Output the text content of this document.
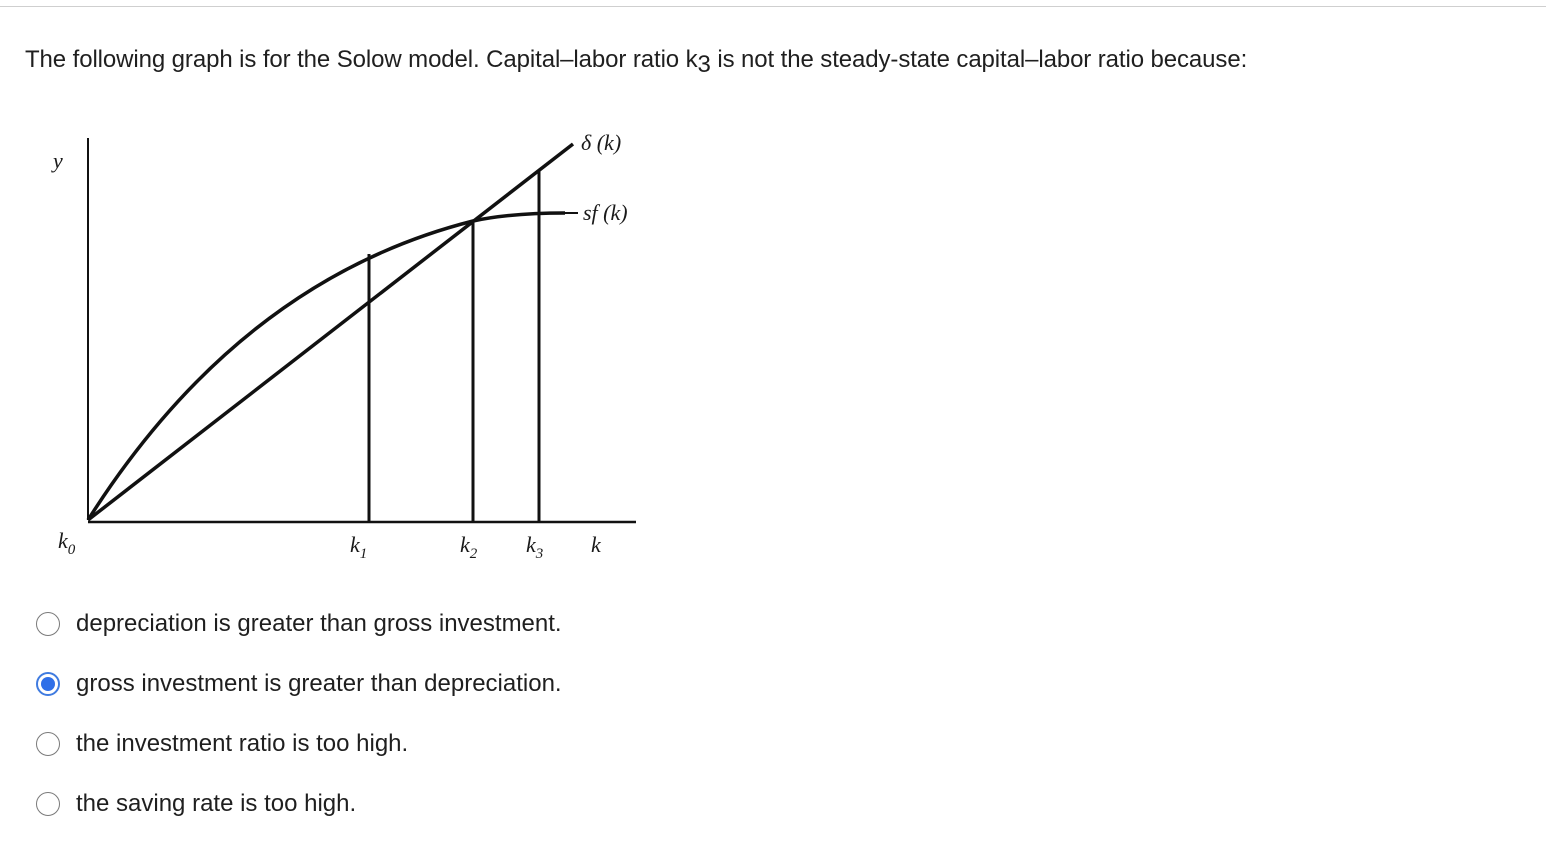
The following graph is for the Solow model. Capital–labor ratio $k_3$ is not the steady-state capital–labor ratio because:
y
δ (k)
sf (k)
$k_0$	$k_1$	$k_2$ $k_3$ k
depreciation is greater than gross investment.
gross investment is greater than depreciation.
the investment ratio is too high.
the saving rate is too high.
